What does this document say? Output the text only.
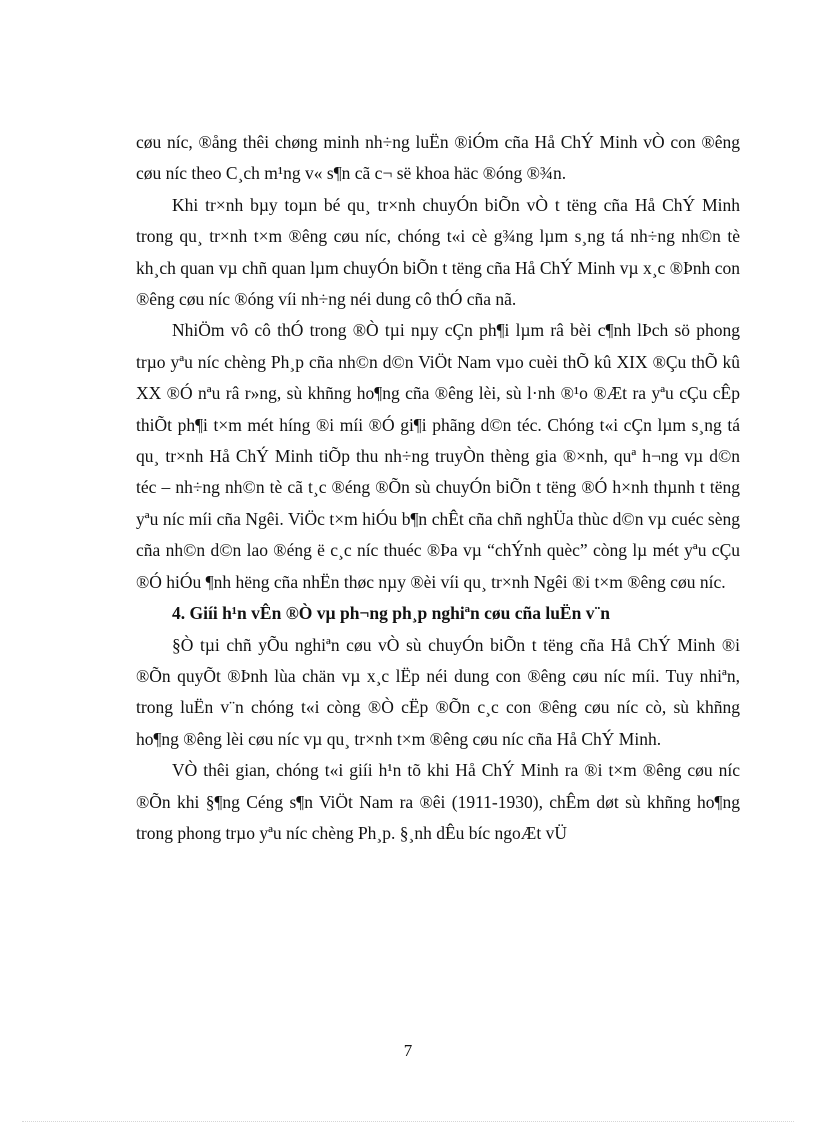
cøu níc, ®ång thêi chøng minh nh÷ng luËn ®iÓm cña Hå ChÝ Minh vÒ con ®êng cøu níc theo C¸ch m¹ng v« s¶n cã c¬ së khoa häc ®óng ®¾n.

Khi tr×nh bµy toµn bé qu¸ tr×nh chuyÓn biÕn vÒ t tëng cña Hå ChÝ Minh trong qu¸ tr×nh t×m ®êng cøu níc, chóng t«i cè g¾ng lµm s¸ng tá nh÷ng nh©n tè kh¸ch quan vµ chñ quan lµm chuyÓn biÕn t tëng cña Hå ChÝ Minh vµ x¸c ®Þnh con ®êng cøu níc ®óng víi nh÷ng néi dung cô thÓ cña nã.

NhiÖm vô cô thÓ trong ®Ò tµi nµy cÇn ph¶i lµm râ bèi c¶nh lÞch sö phong trµo yªu níc chèng Ph¸p cña nh©n d©n ViÖt Nam vµo cuèi thÕ kû XIX ®Çu thÕ kû XX ®Ó nªu râ r»ng, sù khñng ho¶ng cña ®êng lèi, sù l·nh ®¹o ®Æt ra yªu cÇu cÊp thiÕt ph¶i t×m mét híng ®i míi ®Ó gi¶i phãng d©n téc. Chóng t«i cÇn lµm s¸ng tá qu¸ tr×nh Hå ChÝ Minh tiÕp thu nh÷ng truyÒn thèng gia ®×nh, quª h¬ng vµ d©n téc – nh÷ng nh©n tè cã t¸c ®éng ®Õn sù chuyÓn biÕn t tëng ®Ó h×nh thµnh t tëng yªu níc míi cña Ngêi. ViÖc t×m hiÓu b¶n chÊt cña chñ nghÜa thùc d©n vµ cuéc sèng cña nh©n d©n lao ®éng ë c¸c níc thuéc ®Þa vµ “chÝnh quèc” còng lµ mét yªu cÇu ®Ó hiÓu ¶nh hëng cña nhËn thøc nµy ®èi víi qu¸ tr×nh Ngêi ®i t×m ®êng cøu níc.

4. Giíi h¹n vÊn ®Ò vµ ph¬ng ph¸p nghiªn cøu cña luËn v¨n

§Ò tµi chñ yÕu nghiªn cøu vÒ sù chuyÓn biÕn t tëng cña Hå ChÝ Minh ®i ®Õn quyÕt ®Þnh lùa chän vµ x¸c lËp néi dung con ®êng cøu níc míi. Tuy nhiªn, trong luËn v¨n chóng t«i còng ®Ò cËp ®Õn c¸c con ®êng cøu níc cò, sù khñng ho¶ng ®êng lèi cøu níc vµ qu¸ tr×nh t×m ®êng cøu níc cña Hå ChÝ Minh.

VÒ thêi gian, chóng t«i giíi h¹n tõ khi Hå ChÝ Minh ra ®i t×m ®êng cøu níc ®Õn khi §¶ng Céng s¶n ViÖt Nam ra ®êi (1911-1930), chÊm døt sù khñng ho¶ng trong phong trµo yªu níc chèng Ph¸p. §¸nh dÊu bíc ngoÆt vÜ

7
